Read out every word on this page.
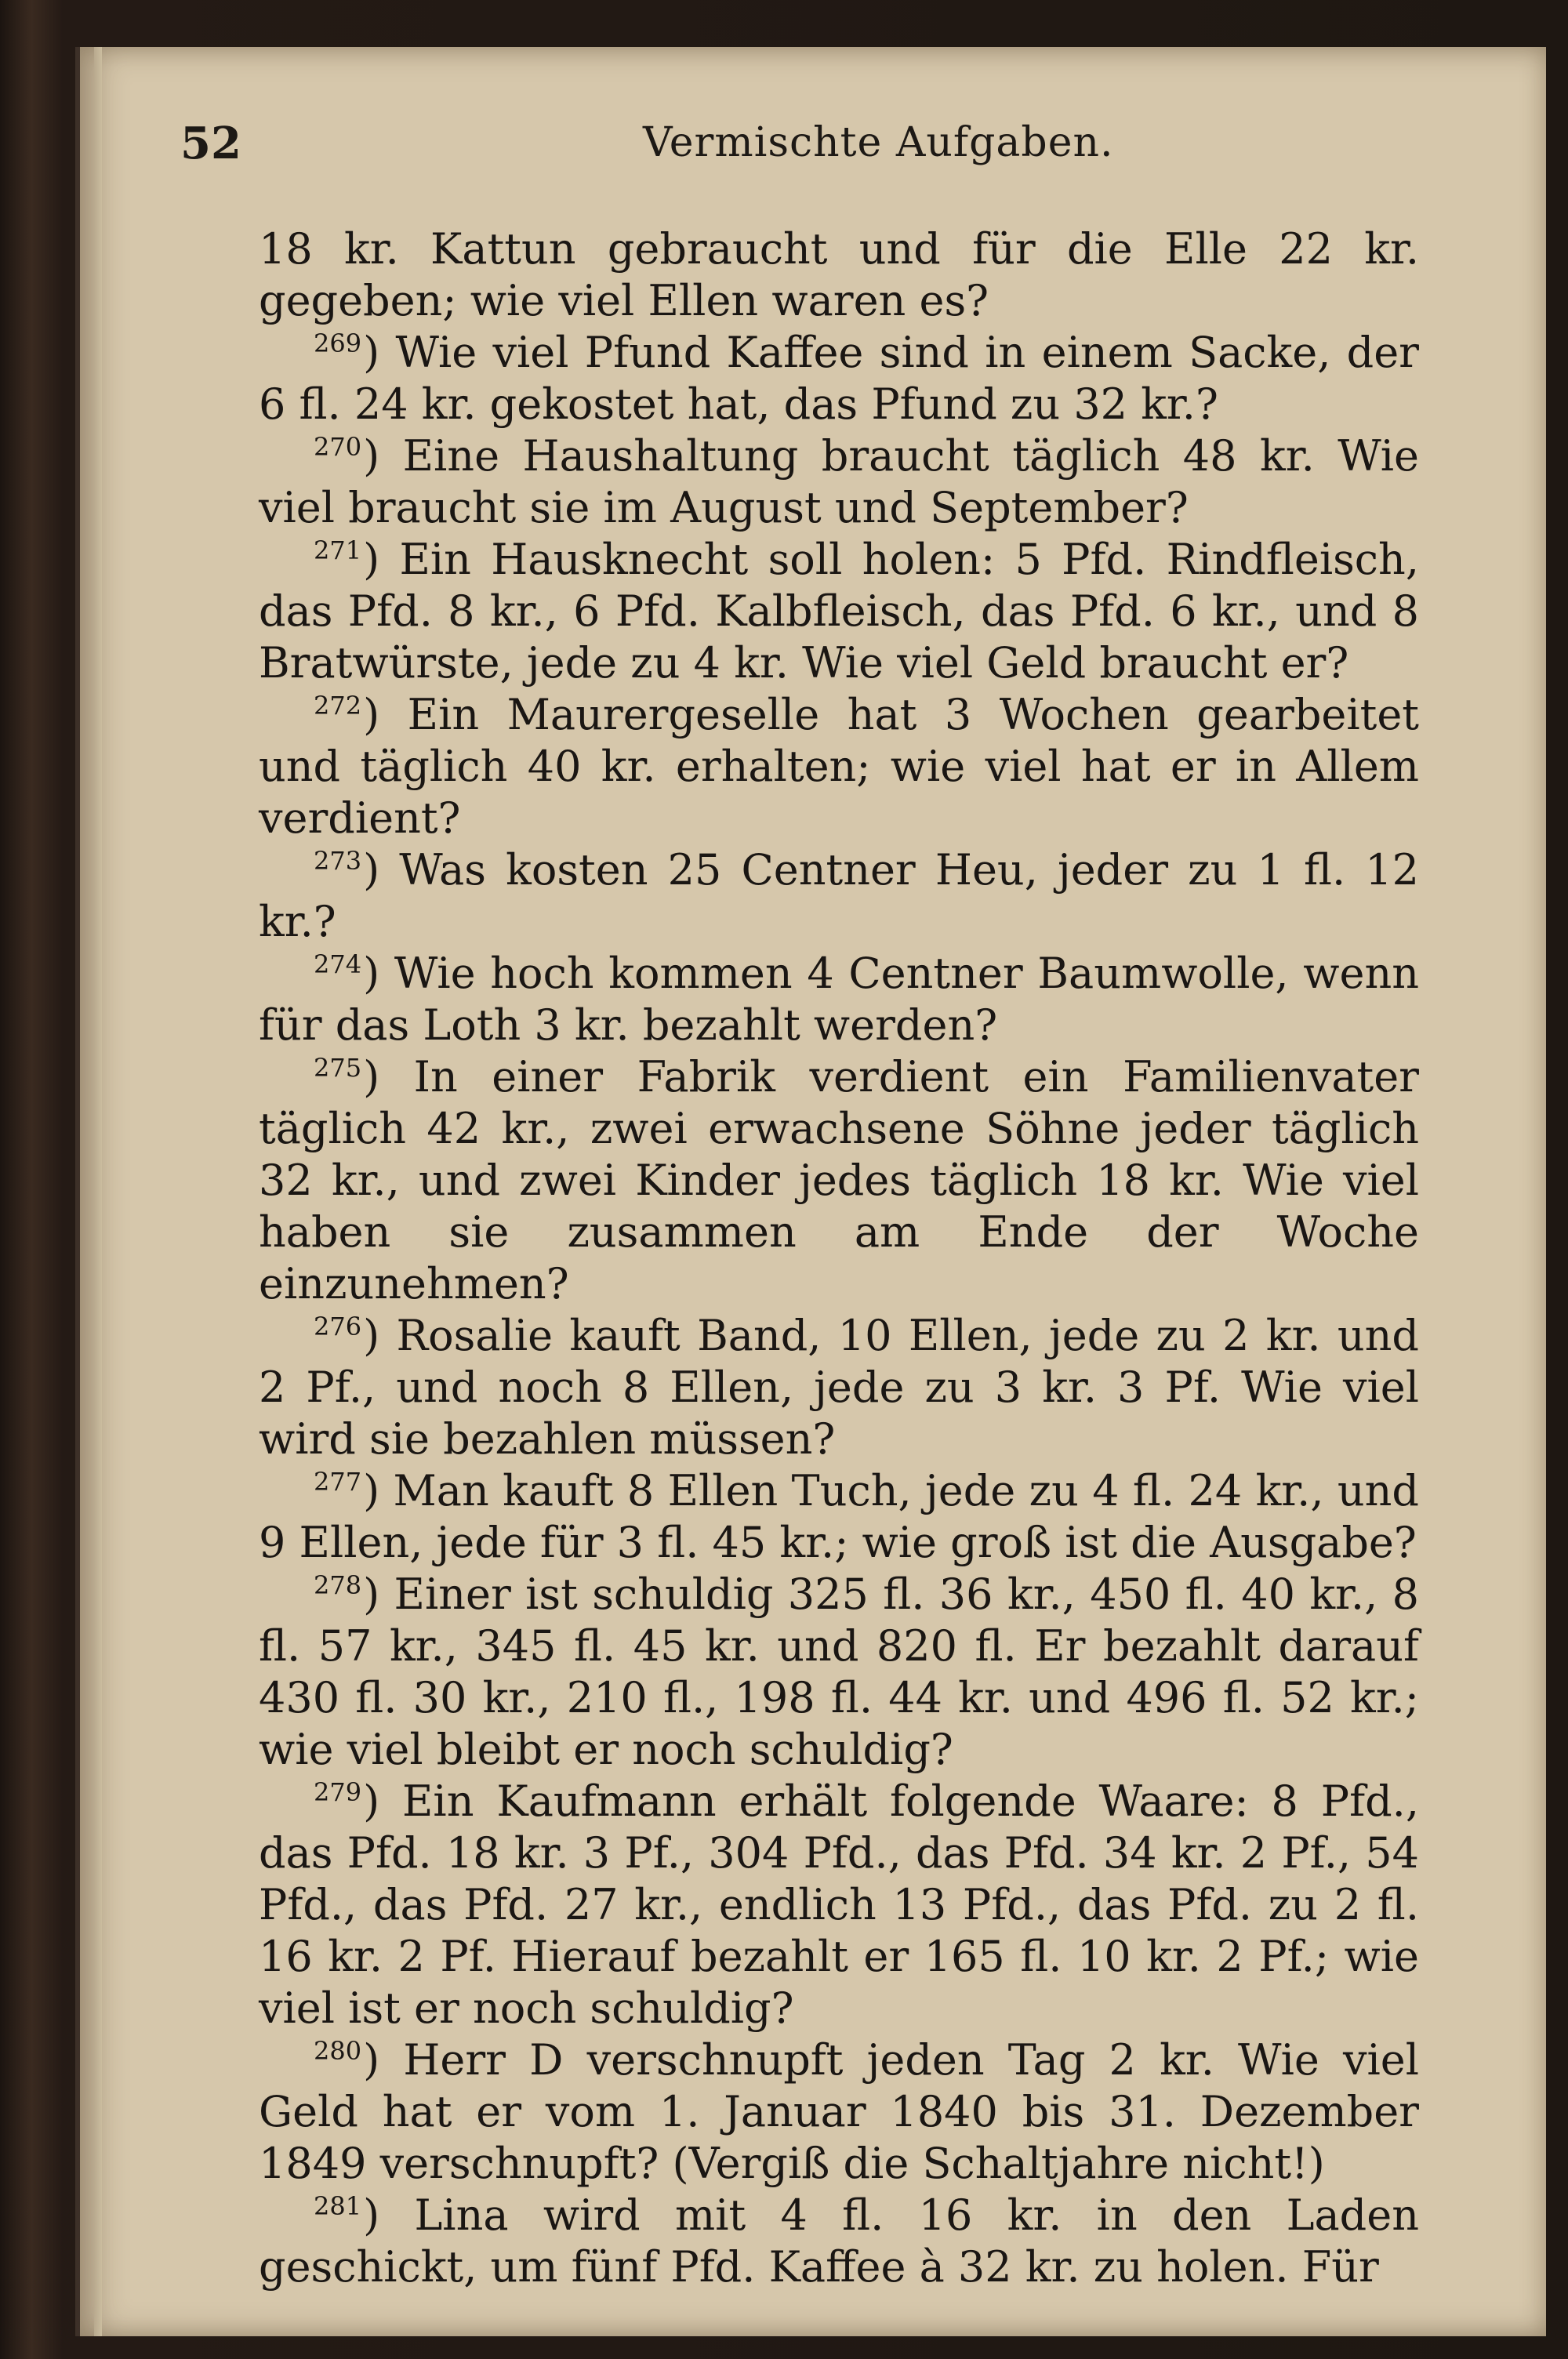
52	Vermischte Aufgaben.

18 kr. Kattun gebraucht und für die Elle 22 kr. gegeben; wie viel Ellen waren es?

$^{269}$) Wie viel Pfund Kaffee sind in einem Sacke, der 6 fl. 24 kr. gekostet hat, das Pfund zu 32 kr.?

$^{270}$) Eine Haushaltung braucht täglich 48 kr. Wie viel braucht sie im August und September?

$^{271}$) Ein Hausknecht soll holen: 5 Pfd. Rindfleisch, das Pfd. 8 kr., 6 Pfd. Kalbfleisch, das Pfd. 6 kr., und 8 Bratwürste, jede zu 4 kr. Wie viel Geld braucht er?

$^{272}$) Ein Maurergeselle hat 3 Wochen gearbeitet und täglich 40 kr. erhalten; wie viel hat er in Allem verdient?

$^{273}$) Was kosten 25 Centner Heu, jeder zu 1 fl. 12 kr.?

$^{274}$) Wie hoch kommen 4 Centner Baumwolle, wenn für das Loth 3 kr. bezahlt werden?

$^{275}$) In einer Fabrik verdient ein Familienvater täglich 42 kr., zwei erwachsene Söhne jeder täglich 32 kr., und zwei Kinder jedes täglich 18 kr. Wie viel haben sie zusammen am Ende der Woche einzunehmen?

$^{276}$) Rosalie kauft Band, 10 Ellen, jede zu 2 kr. und 2 Pf., und noch 8 Ellen, jede zu 3 kr. 3 Pf. Wie viel wird sie bezahlen müssen?

$^{277}$) Man kauft 8 Ellen Tuch, jede zu 4 fl. 24 kr., und 9 Ellen, jede für 3 fl. 45 kr.; wie groß ist die Ausgabe?

$^{278}$) Einer ist schuldig 325 fl. 36 kr., 450 fl. 40 kr., 8 fl. 57 kr., 345 fl. 45 kr. und 820 fl. Er bezahlt darauf 430 fl. 30 kr., 210 fl., 198 fl. 44 kr. und 496 fl. 52 kr.; wie viel bleibt er noch schuldig?

$^{279}$) Ein Kaufmann erhält folgende Waare: 8 Pfd., das Pfd. 18 kr. 3 Pf., 304 Pfd., das Pfd. 34 kr. 2 Pf., 54 Pfd., das Pfd. 27 kr., endlich 13 Pfd., das Pfd. zu 2 fl. 16 kr. 2 Pf. Hierauf bezahlt er 165 fl. 10 kr. 2 Pf.; wie viel ist er noch schuldig?

$^{280}$) Herr D verschnupft jeden Tag 2 kr. Wie viel Geld hat er vom 1. Januar 1840 bis 31. Dezember 1849 verschnupft? (Vergiß die Schaltjahre nicht!)

$^{281}$) Lina wird mit 4 fl. 16 kr. in den Laden geschickt, um fünf Pfd. Kaffee à 32 kr. zu holen. Für
